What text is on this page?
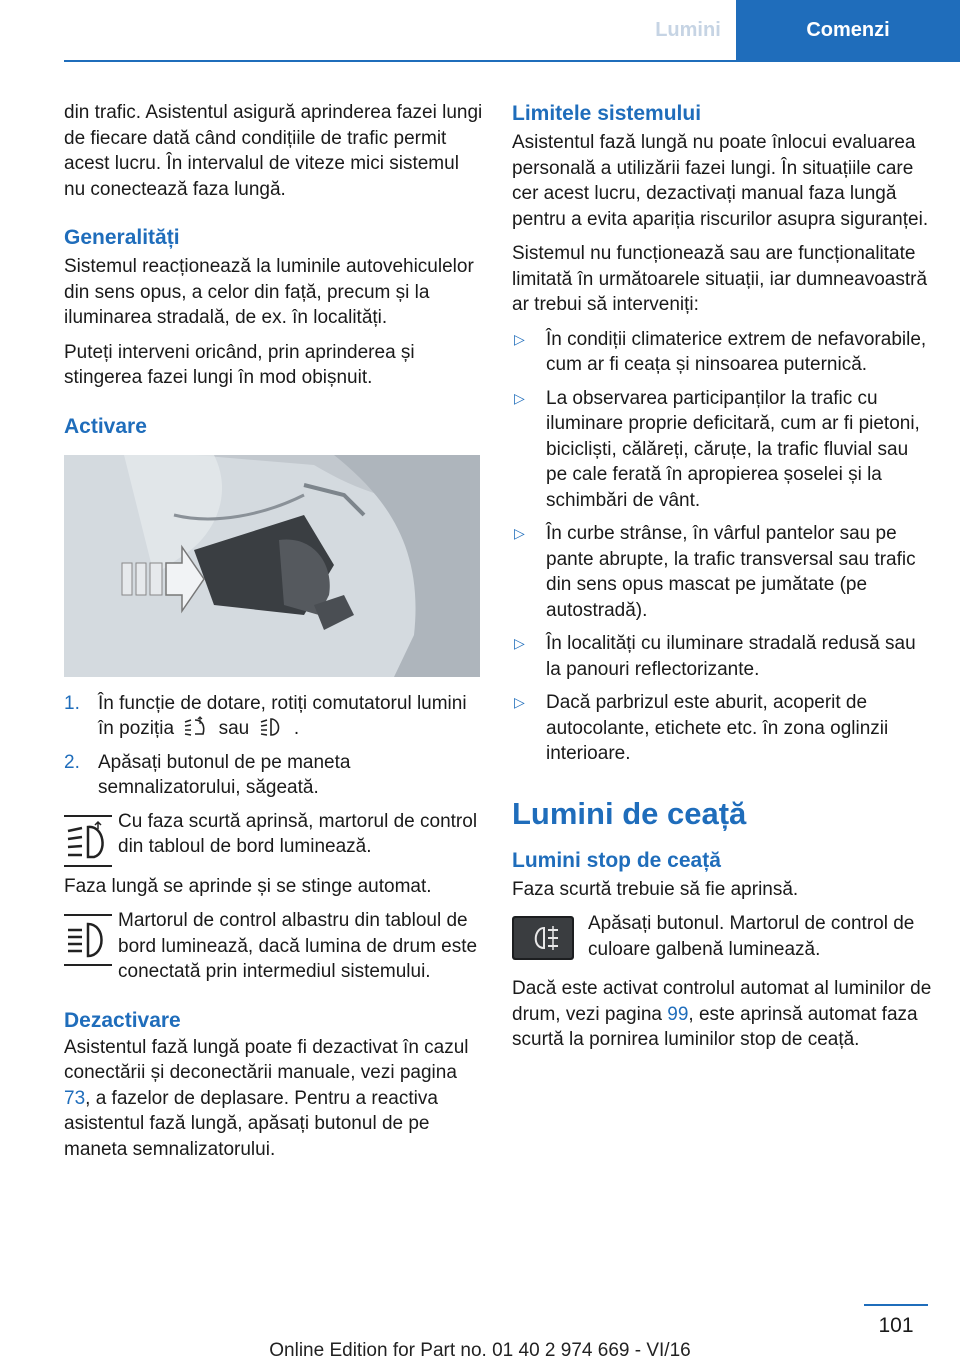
Lumini	Comenzi

din trafic. Asistentul asigură aprinderea fazei lungi de fiecare dată când condițiile de trafic permit acest lucru. În intervalul de viteze mici sistemul nu conectează faza lungă.

Generalități

Sistemul reacționează la luminile autovehiculelor din sens opus, a celor din față, precum și la iluminarea stradală, de ex. în localități.

Puteți interveni oricând, prin aprinderea și stingerea fazei lungi în mod obișnuit.

Activare
1. În funcție de dotare, rotiți comutatorul lumini în poziția sau .
2. Apăsați butonul de pe maneta semnalizatorului, săgeată.

Cu faza scurtă aprinsă, martorul de control din tabloul de bord luminează.

Faza lungă se aprinde și se stinge automat.

Martorul de control albastru din tabloul de bord luminează, dacă lumina de drum este conectată prin intermediul sistemului.

Dezactivare

Asistentul fază lungă poate fi dezactivat în cazul conectării și deconectării manuale, vezi pagina 73, a fazelor de deplasare. Pentru a reactiva asistentul fază lungă, apăsați butonul de pe maneta semnalizatorului.

Limitele sistemului

Asistentul fază lungă nu poate înlocui evaluarea personală a utilizării fazei lungi. În situațiile care cer acest lucru, dezactivați manual faza lungă pentru a evita apariția riscurilor asupra siguranței.

Sistemul nu funcționează sau are funcționalitate limitată în următoarele situații, iar dumneavoastră ar trebui să interveniți:

▷ În condiții climaterice extrem de nefavorabile, cum ar fi ceața și ninsoarea puternică.
▷ La observarea participanților la trafic cu iluminare proprie deficitară, cum ar fi pietoni, bicicliști, călăreți, căruțe, la trafic fluvial sau pe cale ferată în apropierea șoselei și la schimbări de vânt.
▷ În curbe strânse, în vârful pantelor sau pe pante abrupte, la trafic transversal sau trafic din sens opus mascat pe jumătate (pe autostradă).
▷ În localități cu iluminare stradală redusă sau la panouri reflectorizante.
▷ Dacă parbrizul este aburit, acoperit de autocolante, etichete etc. în zona oglinzii interioare.
Lumini de ceață
Lumini stop de ceață

Faza scurtă trebuie să fie aprinsă.

Apăsați butonul. Martorul de control de culoare galbenă luminează.

Dacă este activat controlul automat al luminilor de drum, vezi pagina 99, este aprinsă automat faza scurtă la pornirea luminilor stop de ceață.

101
Online Edition for Part no. 01 40 2 974 669 - VI/16
